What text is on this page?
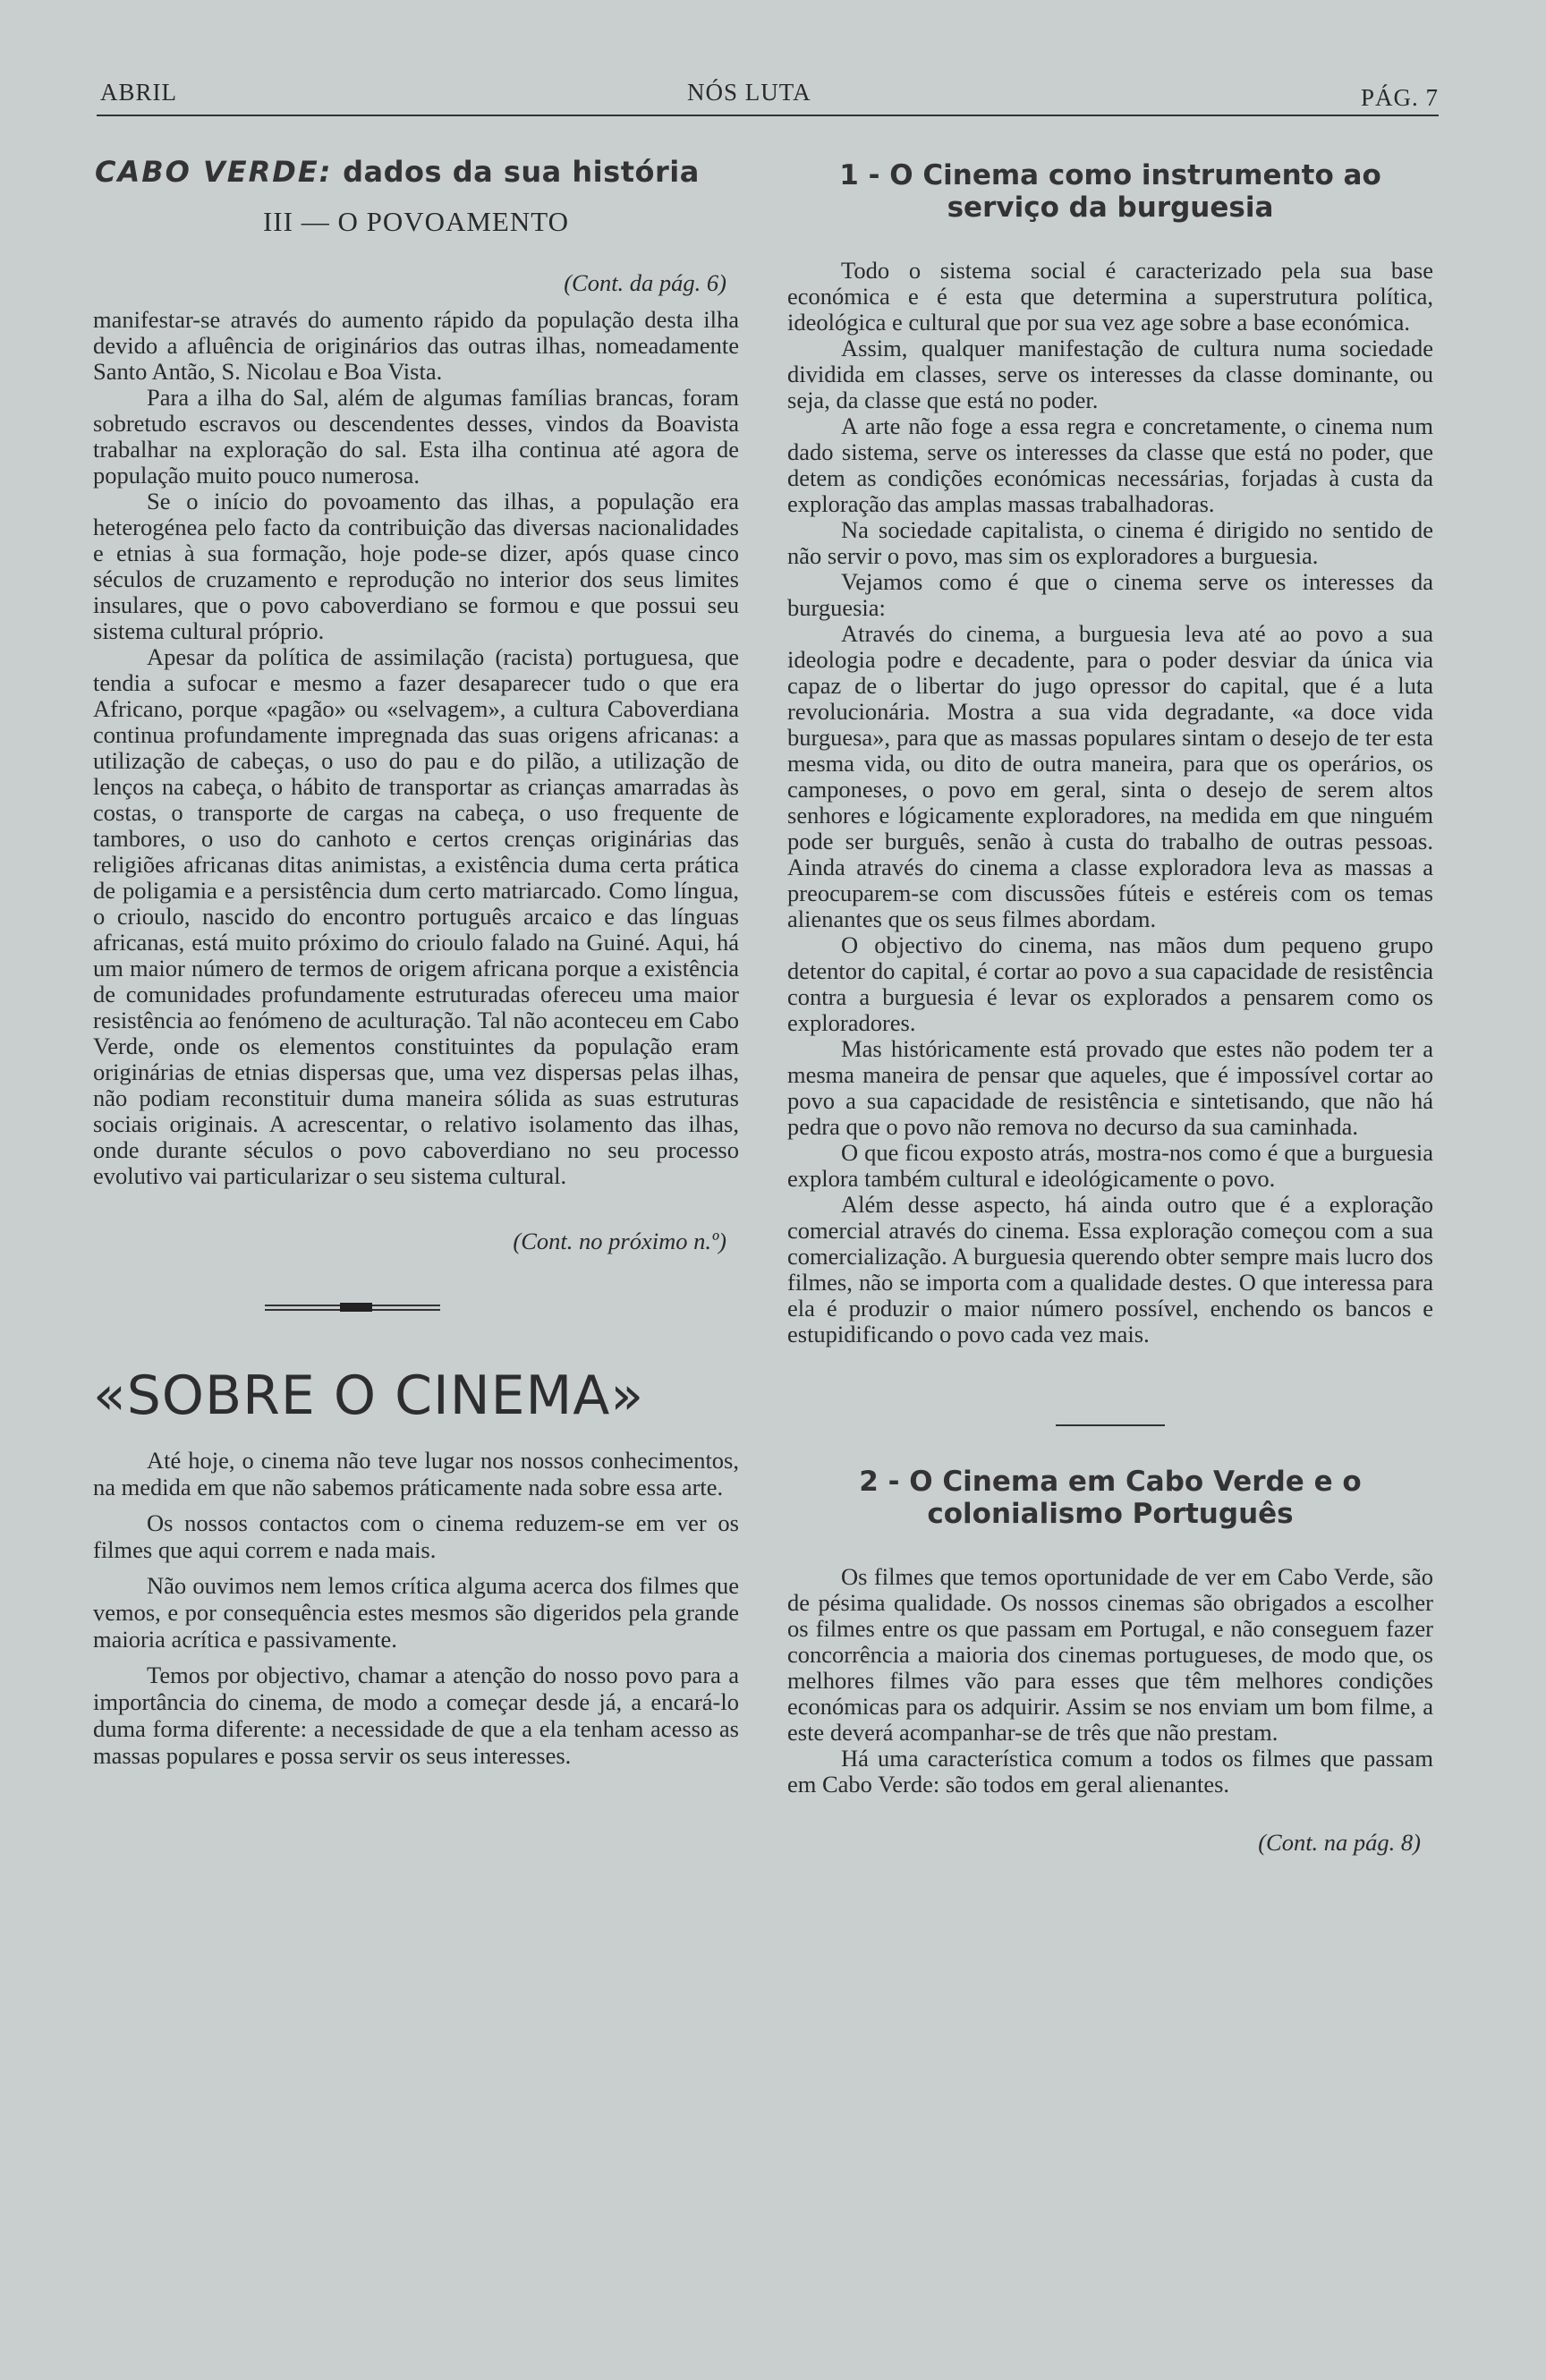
ABRIL	NÓS LUTA	PÁG. 7
CABO VERDE: dados da sua história
III — O POVOAMENTO
(Cont. da pág. 6)

manifestar-se através do aumento rápido da população desta ilha devido a afluência de originários das outras ilhas, nomeadamente Santo Antão, S. Nicolau e Boa Vista.

Para a ilha do Sal, além de algumas famílias brancas, foram sobretudo escravos ou descendentes desses, vindos da Boavista trabalhar na exploração do sal. Esta ilha continua até agora de população muito pouco numerosa.

Se o início do povoamento das ilhas, a população era heterogénea pelo facto da contribuição das diversas nacionalidades e etnias à sua formação, hoje pode-se dizer, após quase cinco séculos de cruzamento e reprodução no interior dos seus limites insulares, que o povo caboverdiano se formou e que possui seu sistema cultural próprio.

Apesar da política de assimilação (racista) portuguesa, que tendia a sufocar e mesmo a fazer desaparecer tudo o que era Africano, porque «pagão» ou «selvagem», a cultura Caboverdiana continua profundamente impregnada das suas origens africanas: a utilização de cabeças, o uso do pau e do pilão, a utilização de lenços na cabeça, o hábito de transportar as crianças amarradas às costas, o transporte de cargas na cabeça, o uso frequente de tambores, o uso do canhoto e certos crenças originárias das religiões africanas ditas animistas, a existência duma certa prática de poligamia e a persistência dum certo matriarcado. Como língua, o crioulo, nascido do encontro português arcaico e das línguas africanas, está muito próximo do crioulo falado na Guiné. Aqui, há um maior número de termos de origem africana porque a existência de comunidades profundamente estruturadas ofereceu uma maior resistência ao fenómeno de aculturação. Tal não aconteceu em Cabo Verde, onde os elementos constituintes da população eram originárias de etnias dispersas que, uma vez dispersas pelas ilhas, não podiam reconstituir duma maneira sólida as suas estruturas sociais originais. A acrescentar, o relativo isolamento das ilhas, onde durante séculos o povo caboverdiano no seu processo evolutivo vai particularizar o seu sistema cultural.

(Cont. no próximo n.º)
«SOBRE O CINEMA»

Até hoje, o cinema não teve lugar nos nossos conhecimentos, na medida em que não sabemos práticamente nada sobre essa arte.

Os nossos contactos com o cinema reduzem-se em ver os filmes que aqui correm e nada mais.

Não ouvimos nem lemos crítica alguma acerca dos filmes que vemos, e por consequência estes mesmos são digeridos pela grande maioria acrítica e passivamente.

Temos por objectivo, chamar a atenção do nosso povo para a importância do cinema, de modo a começar desde já, a encará-lo duma forma diferente: a necessidade de que a ela tenham acesso as massas populares e possa servir os seus interesses.

1 - O Cinema como instrumento ao
serviço da burguesia

Todo o sistema social é caracterizado pela sua base económica e é esta que determina a superstrutura política, ideológica e cultural que por sua vez age sobre a base económica.

Assim, qualquer manifestação de cultura numa sociedade dividida em classes, serve os interesses da classe dominante, ou seja, da classe que está no poder.

A arte não foge a essa regra e concretamente, o cinema num dado sistema, serve os interesses da classe que está no poder, que detem as condições económicas necessárias, forjadas à custa da exploração das amplas massas trabalhadoras.

Na sociedade capitalista, o cinema é dirigido no sentido de não servir o povo, mas sim os exploradores a burguesia.

Vejamos como é que o cinema serve os interesses da burguesia:

Através do cinema, a burguesia leva até ao povo a sua ideologia podre e decadente, para o poder desviar da única via capaz de o libertar do jugo opressor do capital, que é a luta revolucionária. Mostra a sua vida degradante, «a doce vida burguesa», para que as massas populares sintam o desejo de ter esta mesma vida, ou dito de outra maneira, para que os operários, os camponeses, o povo em geral, sinta o desejo de serem altos senhores e lógicamente exploradores, na medida em que ninguém pode ser burguês, senão à custa do trabalho de outras pessoas. Ainda através do cinema a classe exploradora leva as massas a preocuparem-se com discussões fúteis e estéreis com os temas alienantes que os seus filmes abordam.

O objectivo do cinema, nas mãos dum pequeno grupo detentor do capital, é cortar ao povo a sua capacidade de resistência contra a burguesia é levar os explorados a pensarem como os exploradores.

Mas históricamente está provado que estes não podem ter a mesma maneira de pensar que aqueles, que é impossível cortar ao povo a sua capacidade de resistência e sintetisando, que não há pedra que o povo não remova no decurso da sua caminhada.

O que ficou exposto atrás, mostra-nos como é que a burguesia explora também cultural e ideológicamente o povo.

Além desse aspecto, há ainda outro que é a exploração comercial através do cinema. Essa exploração começou com a sua comercialização. A burguesia querendo obter sempre mais lucro dos filmes, não se importa com a qualidade destes. O que interessa para ela é produzir o maior número possível, enchendo os bancos e estupidificando o povo cada vez mais.

2 - O Cinema em Cabo Verde e o
colonialismo Português

Os filmes que temos oportunidade de ver em Cabo Verde, são de pésima qualidade. Os nossos cinemas são obrigados a escolher os filmes entre os que passam em Portugal, e não conseguem fazer concorrência a maioria dos cinemas portugueses, de modo que, os melhores filmes vão para esses que têm melhores condições económicas para os adquirir. Assim se nos enviam um bom filme, a este deverá acompanhar-se de três que não prestam.

Há uma característica comum a todos os filmes que passam em Cabo Verde: são todos em geral alienantes.

(Cont. na pág. 8)
